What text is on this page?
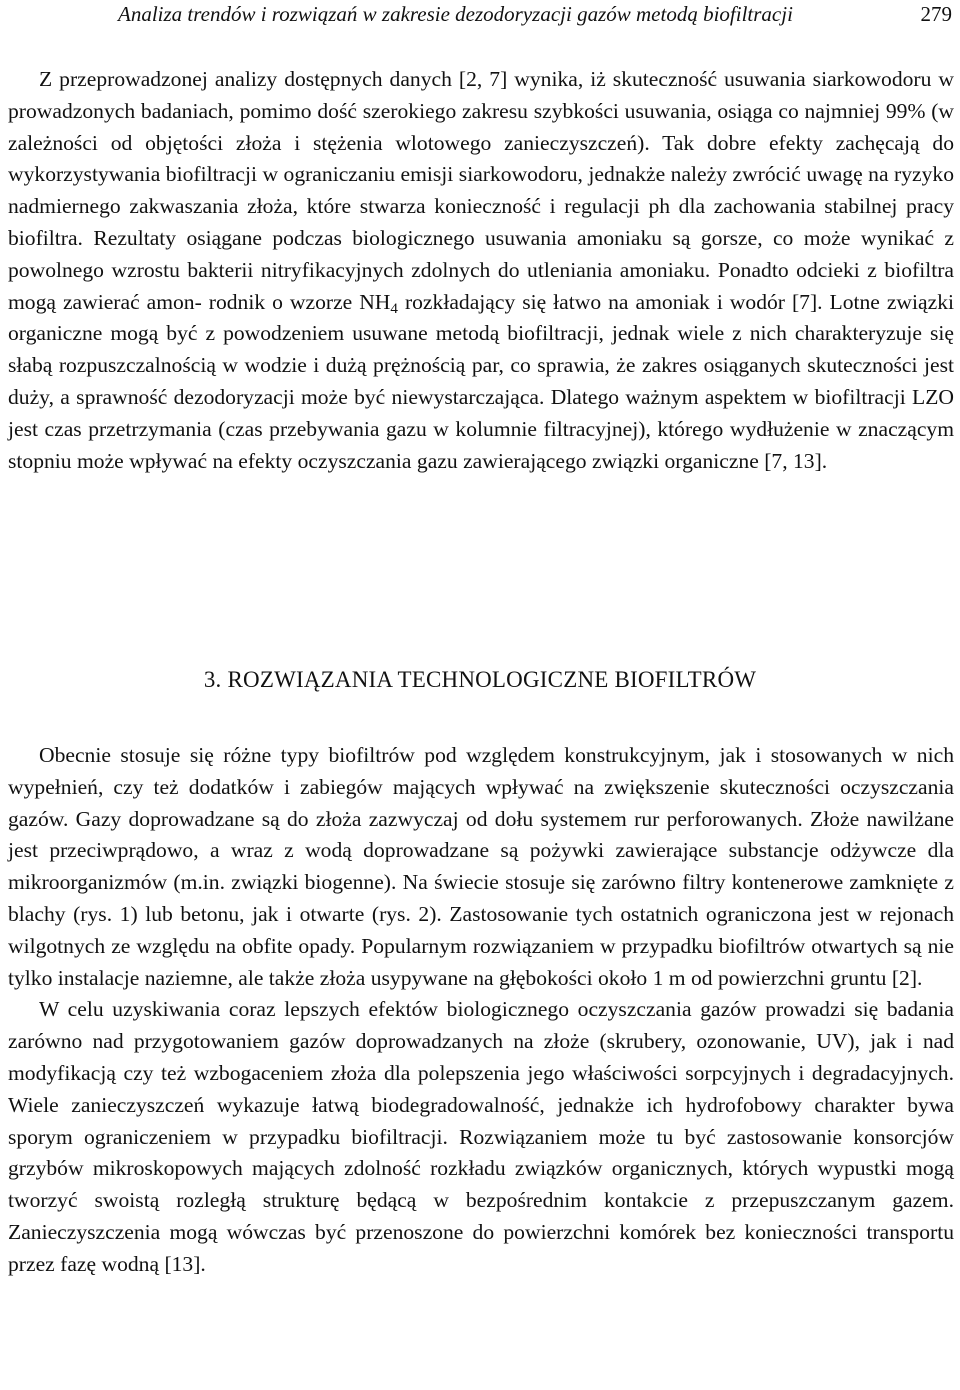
Analiza trendów i rozwiązań w zakresie dezodoryzacji gazów metodą biofiltracji	279

Z przeprowadzonej analizy dostępnych danych [2, 7] wynika, iż skuteczność usuwania siarkowodoru w prowadzonych badaniach, pomimo dość szerokiego zakresu szybkości usuwania, osiąga co najmniej 99% (w zależności od objętości złoża i stężenia wlotowego zanieczyszczeń). Tak dobre efekty zachęcają do wykorzystywania biofiltracji w ograniczaniu emisji siarkowodoru, jednakże należy zwrócić uwagę na ryzyko nadmiernego zakwaszania złoża, które stwarza konieczność i regulacji ph dla zachowania stabilnej pracy biofiltra. Rezultaty osiągane podczas biologicznego usuwania amoniaku są gorsze, co może wynikać z powolnego wzrostu bakterii nitryfikacyjnych zdolnych do utleniania amoniaku. Ponadto odcieki z biofiltra mogą zawierać amon- rodnik o wzorze $NH_4$ rozkładający się łatwo na amoniak i wodór [7]. Lotne związki organiczne mogą być z powodzeniem usuwane metodą biofiltracji, jednak wiele z nich charakteryzuje się słabą rozpuszczalnością w wodzie i dużą prężnością par, co sprawia, że zakres osiąganych skuteczności jest duży, a sprawność dezodoryzacji może być niewystarczająca. Dlatego ważnym aspektem w biofiltracji LZO jest czas przetrzymania (czas przebywania gazu w kolumnie filtracyjnej), którego wydłużenie w znaczącym stopniu może wpływać na efekty oczyszczania gazu zawierającego związki organiczne [7, 13].

3. ROZWIĄZANIA TECHNOLOGICZNE BIOFILTRÓW

Obecnie stosuje się różne typy biofiltrów pod względem konstrukcyjnym, jak i stosowanych w nich wypełnień, czy też dodatków i zabiegów mających wpływać na zwiększenie skuteczności oczyszczania gazów. Gazy doprowadzane są do złoża zazwyczaj od dołu systemem rur perforowanych. Złoże nawilżane jest przeciwprądowo, a wraz z wodą doprowadzane są pożywki zawierające substancje odżywcze dla mikroorganizmów (m.in. związki biogenne). Na świecie stosuje się zarówno filtry kontenerowe zamknięte z blachy (rys. 1) lub betonu, jak i otwarte (rys. 2). Zastosowanie tych ostatnich ograniczona jest w rejonach wilgotnych ze względu na obfite opady. Popularnym rozwiązaniem w przypadku biofiltrów otwartych są nie tylko instalacje naziemne, ale także złoża usypywane na głębokości około 1 m od powierzchni gruntu [2].

W celu uzyskiwania coraz lepszych efektów biologicznego oczyszczania gazów prowadzi się badania zarówno nad przygotowaniem gazów doprowadzanych na złoże (skrubery, ozonowanie, UV), jak i nad modyfikacją czy też wzbogaceniem złoża dla polepszenia jego właściwości sorpcyjnych i degradacyjnych. Wiele zanieczyszczeń wykazuje łatwą biodegradowalność, jednakże ich hydrofobowy charakter bywa sporym ograniczeniem w przypadku biofiltracji. Rozwiązaniem może tu być zastosowanie konsorcjów grzybów mikroskopowych mających zdolność rozkładu związków organicznych, których wypustki mogą tworzyć swoistą rozległą strukturę będącą w bezpośrednim kontakcie z przepuszczanym gazem. Zanieczyszczenia mogą wówczas być przenoszone do powierzchni komórek bez konieczności transportu przez fazę wodną [13].
